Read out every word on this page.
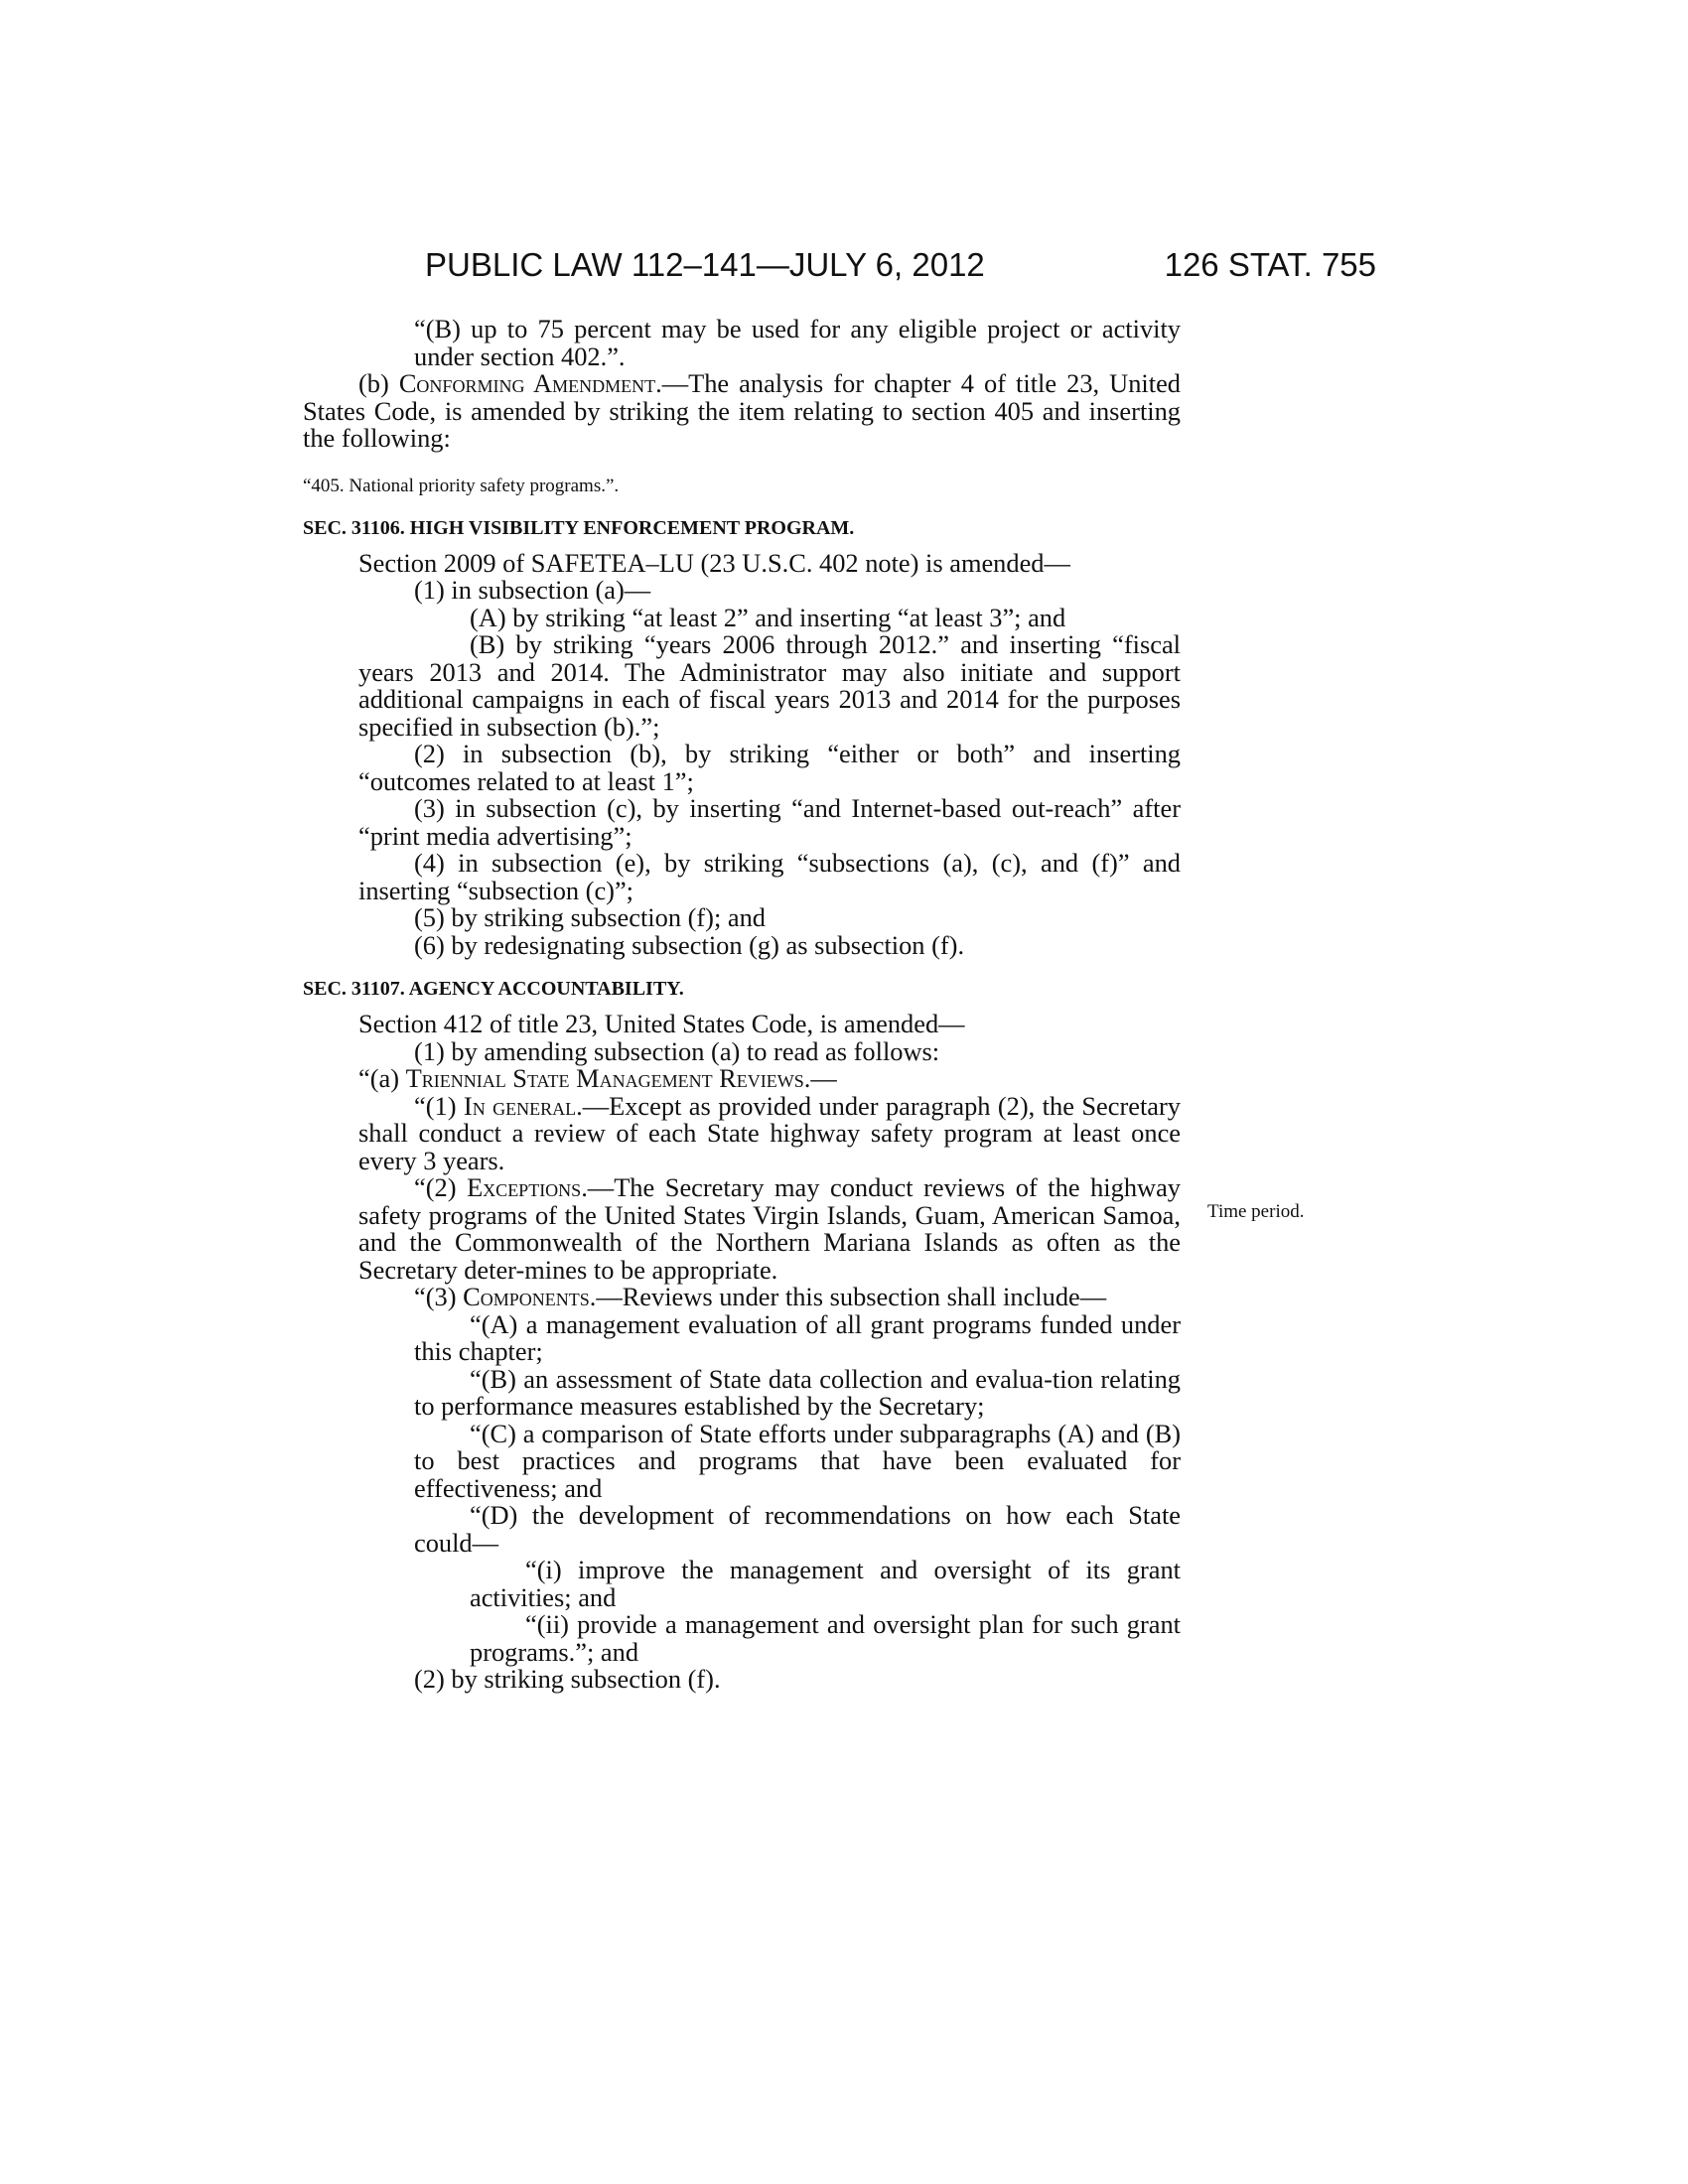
PUBLIC LAW 112–141—JULY 6, 2012	126 STAT. 755
Time period.

“(B) up to 75 percent may be used for any eligible project or activity under section 402.”.

(b) Conforming Amendment.—The analysis for chapter 4 of title 23, United States Code, is amended by striking the item relating to section 405 and inserting the following:

“405. National priority safety programs.”.

SEC. 31106. HIGH VISIBILITY ENFORCEMENT PROGRAM.

Section 2009 of SAFETEA–LU (23 U.S.C. 402 note) is amended—

(1) in subsection (a)—

(A) by striking “at least 2” and inserting “at least 3”; and

(B) by striking “years 2006 through 2012.” and inserting “fiscal years 2013 and 2014. The Administrator may also initiate and support additional campaigns in each of fiscal years 2013 and 2014 for the purposes specified in subsection (b).”;

(2) in subsection (b), by striking “either or both” and inserting “outcomes related to at least 1”;

(3) in subsection (c), by inserting “and Internet-based out-reach” after “print media advertising”;

(4) in subsection (e), by striking “subsections (a), (c), and (f)” and inserting “subsection (c)”;

(5) by striking subsection (f); and

(6) by redesignating subsection (g) as subsection (f).

SEC. 31107. AGENCY ACCOUNTABILITY.

Section 412 of title 23, United States Code, is amended—

(1) by amending subsection (a) to read as follows:

“(a) Triennial State Management Reviews.—

“(1) In general.—Except as provided under paragraph (2), the Secretary shall conduct a review of each State highway safety program at least once every 3 years.

“(2) Exceptions.—The Secretary may conduct reviews of the highway safety programs of the United States Virgin Islands, Guam, American Samoa, and the Commonwealth of the Northern Mariana Islands as often as the Secretary deter-mines to be appropriate.

“(3) Components.—Reviews under this subsection shall include—

“(A) a management evaluation of all grant programs funded under this chapter;

“(B) an assessment of State data collection and evalua-tion relating to performance measures established by the Secretary;

“(C) a comparison of State efforts under subparagraphs (A) and (B) to best practices and programs that have been evaluated for effectiveness; and

“(D) the development of recommendations on how each State could—

“(i) improve the management and oversight of its grant activities; and

“(ii) provide a management and oversight plan for such grant programs.”; and

(2) by striking subsection (f).
